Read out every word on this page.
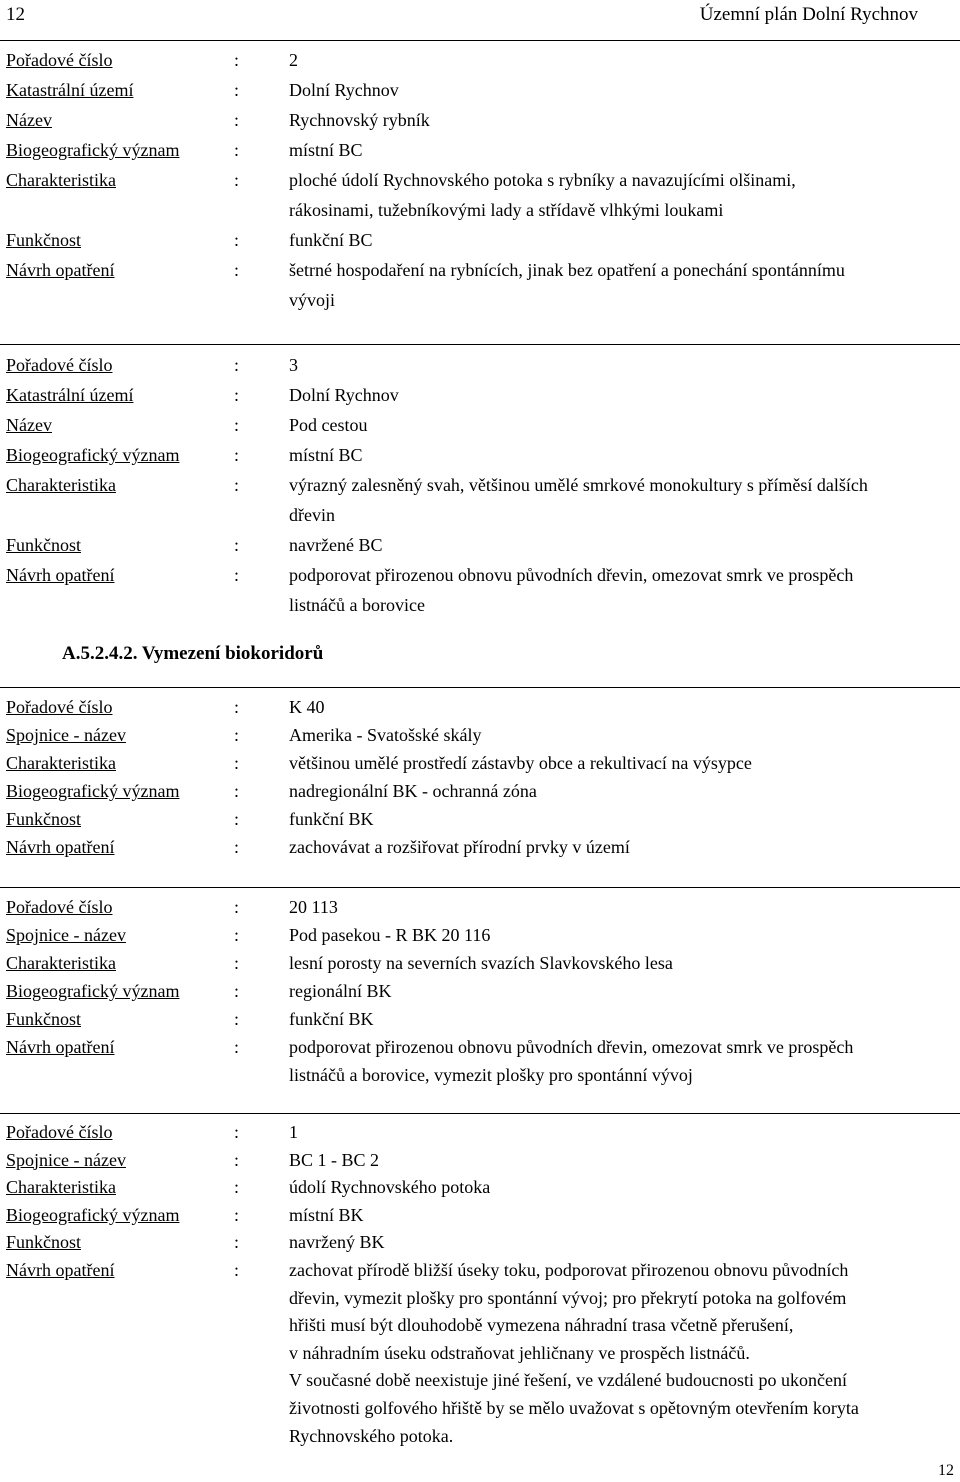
12	Územní plán Dolní Rychnov
Pořadové číslo	:	2
Katastrální území	:	Dolní Rychnov
Název	:	Rychnovský rybník
Biogeografický význam	:	místní BC
Charakteristika	:	ploché údolí Rychnovského potoka s rybníky a navazujícími olšinami,
rákosinami, tužebníkovými lady a střídavě vlhkými loukami
Funkčnost	:	funkční BC
Návrh opatření	:	šetrné hospodaření na rybnících, jinak bez opatření a ponechání spontánnímu
vývoji
Pořadové číslo	:	3
Katastrální území	:	Dolní Rychnov
Název	:	Pod cestou
Biogeografický význam	:	místní BC
Charakteristika	:	výrazný zalesněný svah, většinou umělé smrkové monokultury s příměsí dalších
dřevin
Funkčnost	:	navržené BC
Návrh opatření	:	podporovat přirozenou obnovu původních dřevin, omezovat smrk ve prospěch
listnáčů a borovice
A.5.2.4.2. Vymezení biokoridorů
Pořadové číslo	:	K 40
Spojnice - název	:	Amerika - Svatošské skály
Charakteristika	:	většinou umělé prostředí zástavby obce a rekultivací na výsypce
Biogeografický význam	:	nadregionální BK - ochranná zóna
Funkčnost	:	funkční BK
Návrh opatření	:	zachovávat a rozšiřovat přírodní prvky v území
Pořadové číslo	:	20 113
Spojnice - název	:	Pod pasekou - R BK 20 116
Charakteristika	:	lesní porosty na severních svazích Slavkovského lesa
Biogeografický význam	:	regionální BK
Funkčnost	:	funkční BK
Návrh opatření	:	podporovat přirozenou obnovu původních dřevin, omezovat smrk ve prospěch
listnáčů a borovice, vymezit plošky pro spontánní vývoj
Pořadové číslo	:	1
Spojnice - název	:	BC 1 - BC 2
Charakteristika	:	údolí Rychnovského potoka
Biogeografický význam	:	místní BK
Funkčnost	:	navržený BK
Návrh opatření	:	zachovat přírodě bližší úseky toku, podporovat přirozenou obnovu původních
dřevin, vymezit plošky pro spontánní vývoj; pro překrytí potoka na golfovém
hřišti musí být dlouhodobě vymezena náhradní trasa včetně přerušení,
v náhradním úseku odstraňovat jehličnany ve prospěch listnáčů.
V současné době neexistuje jiné řešení, ve vzdálené budoucnosti po ukončení
životnosti golfového hřiště by se mělo uvažovat s opětovným otevřením koryta
Rychnovského potoka.
12
